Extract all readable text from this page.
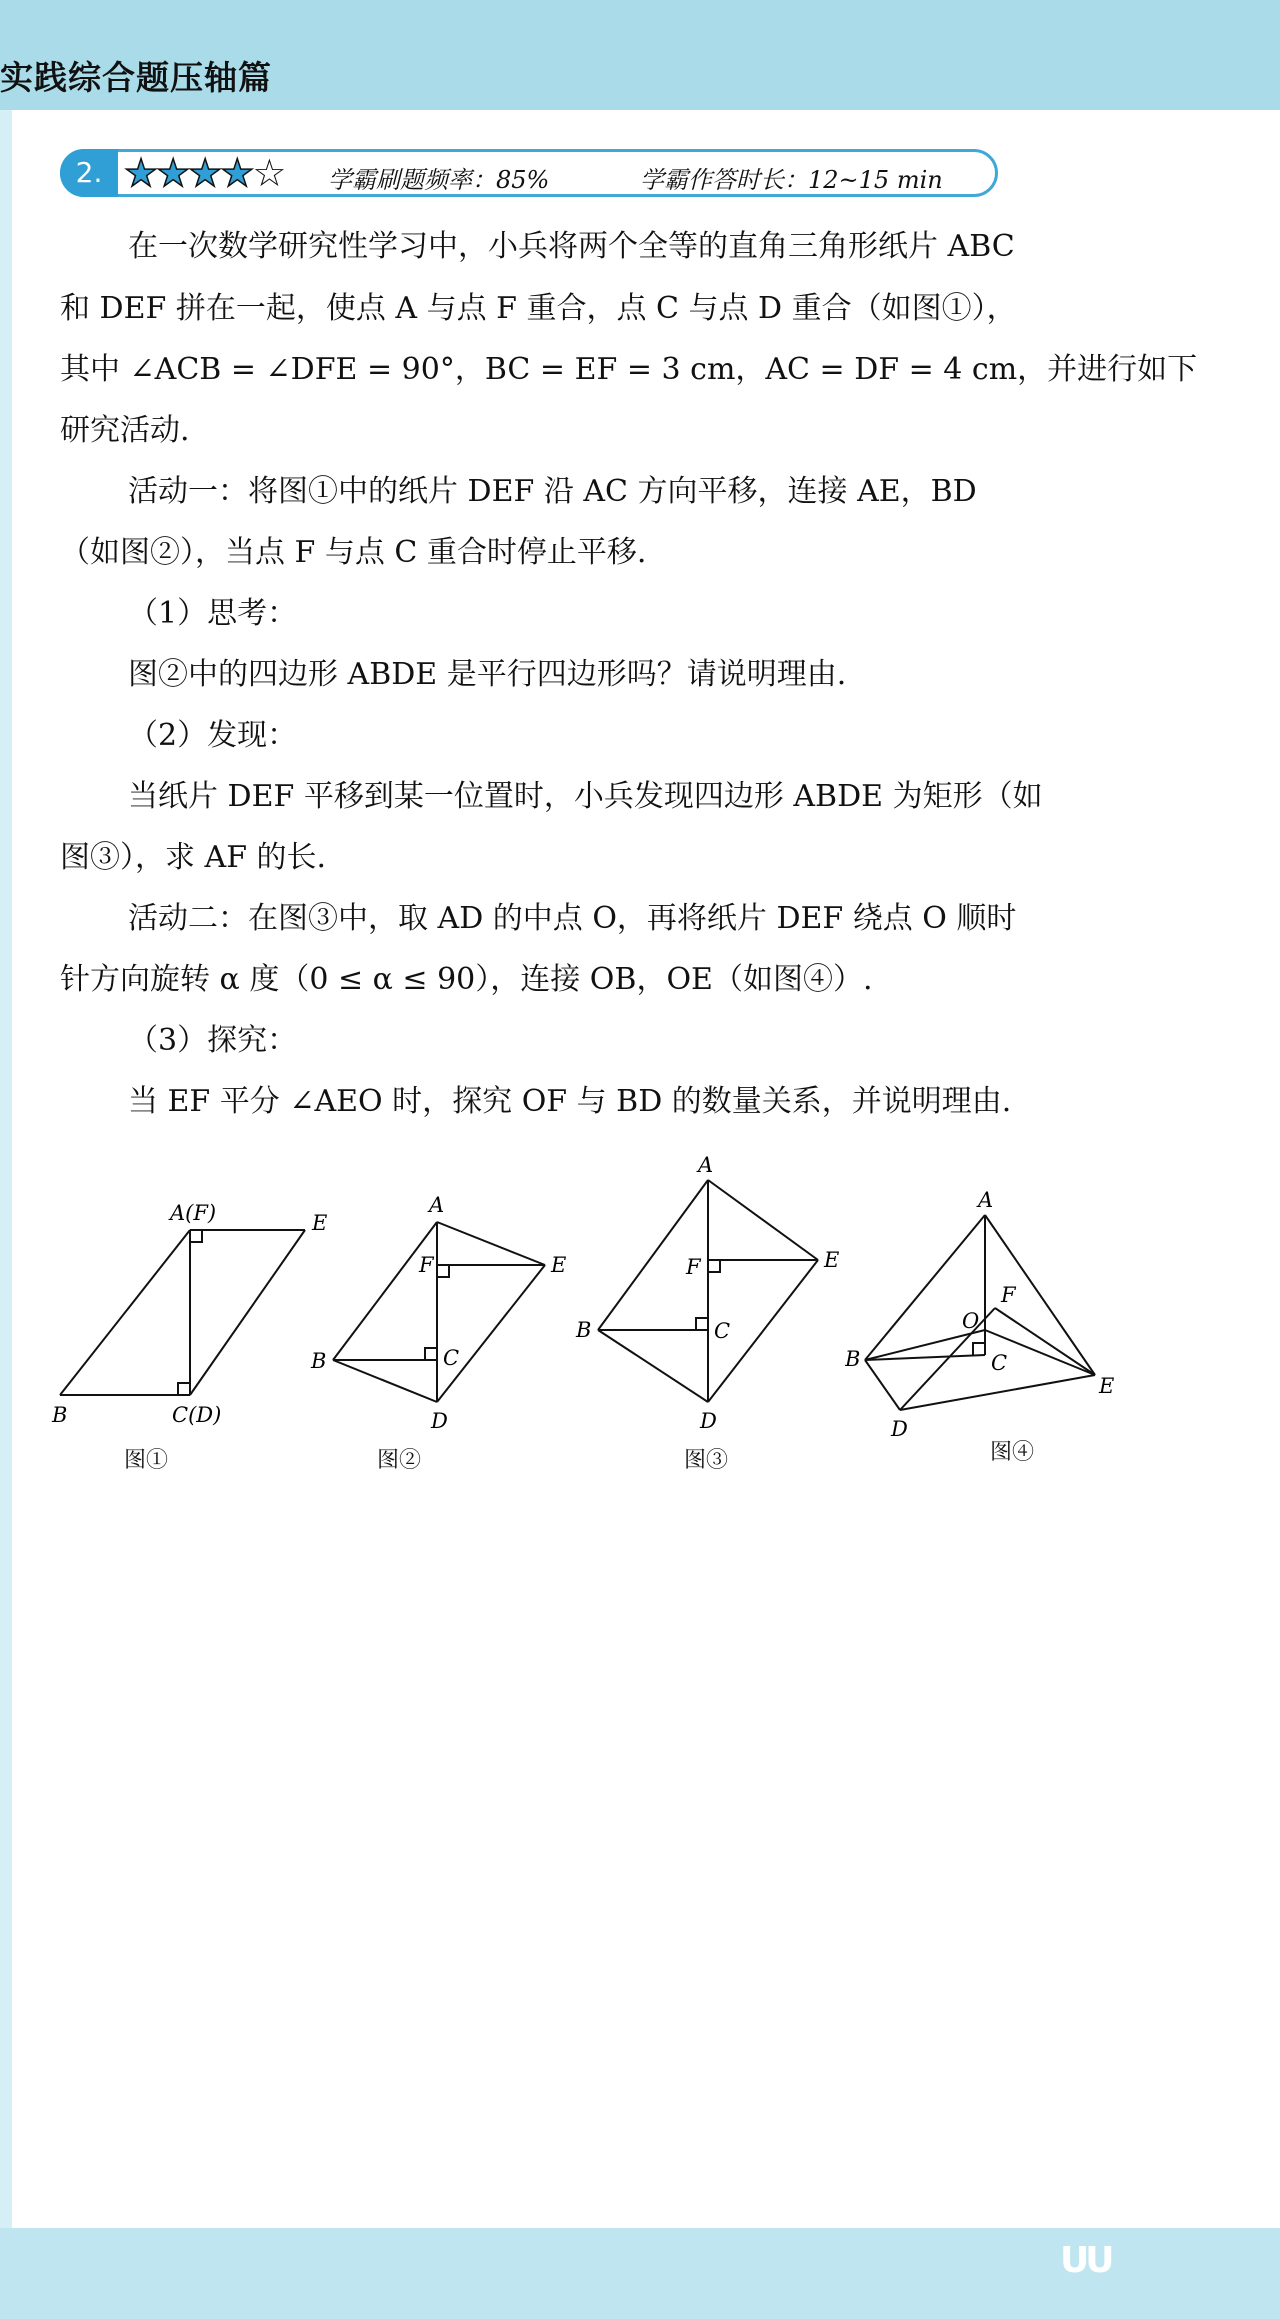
实践综合题压轴篇
2. ★★★★☆ 学霸刷题频率：85%	学霸作答时长：12~15 min
在一次数学研究性学习中，小兵将两个全等的直角三角形纸片 ABC
和 DEF 拼在一起，使点 A 与点 F 重合，点 C 与点 D 重合（如图①），
其中 ∠ACB = ∠DFE = 90°，BC = EF = 3 cm，AC = DF = 4 cm，并进行如下
研究活动.
活动一：将图①中的纸片 DEF 沿 AC 方向平移，连接 AE，BD
（如图②），当点 F 与点 C 重合时停止平移.
（1）思考：
图②中的四边形 ABDE 是平行四边形吗？请说明理由.
（2）发现：
当纸片 DEF 平移到某一位置时，小兵发现四边形 ABDE 为矩形（如
图③），求 AF 的长.
活动二：在图③中，取 AD 的中点 O，再将纸片 DEF 绕点 O 顺时
针方向旋转 α 度（0 ≤ α ≤ 90），连接 OB，OE（如图④）.
（3）探究：
当 EF 平分 ∠AEO 时，探究 OF 与 BD 的数量关系，并说明理由.
A(F)	E
B	C(D)
图①
A
F	E
B	C
D
图②
A
F	E
B	C
D
图③
A
O
F
B	C
E
D
图④
𝗨𝗨
